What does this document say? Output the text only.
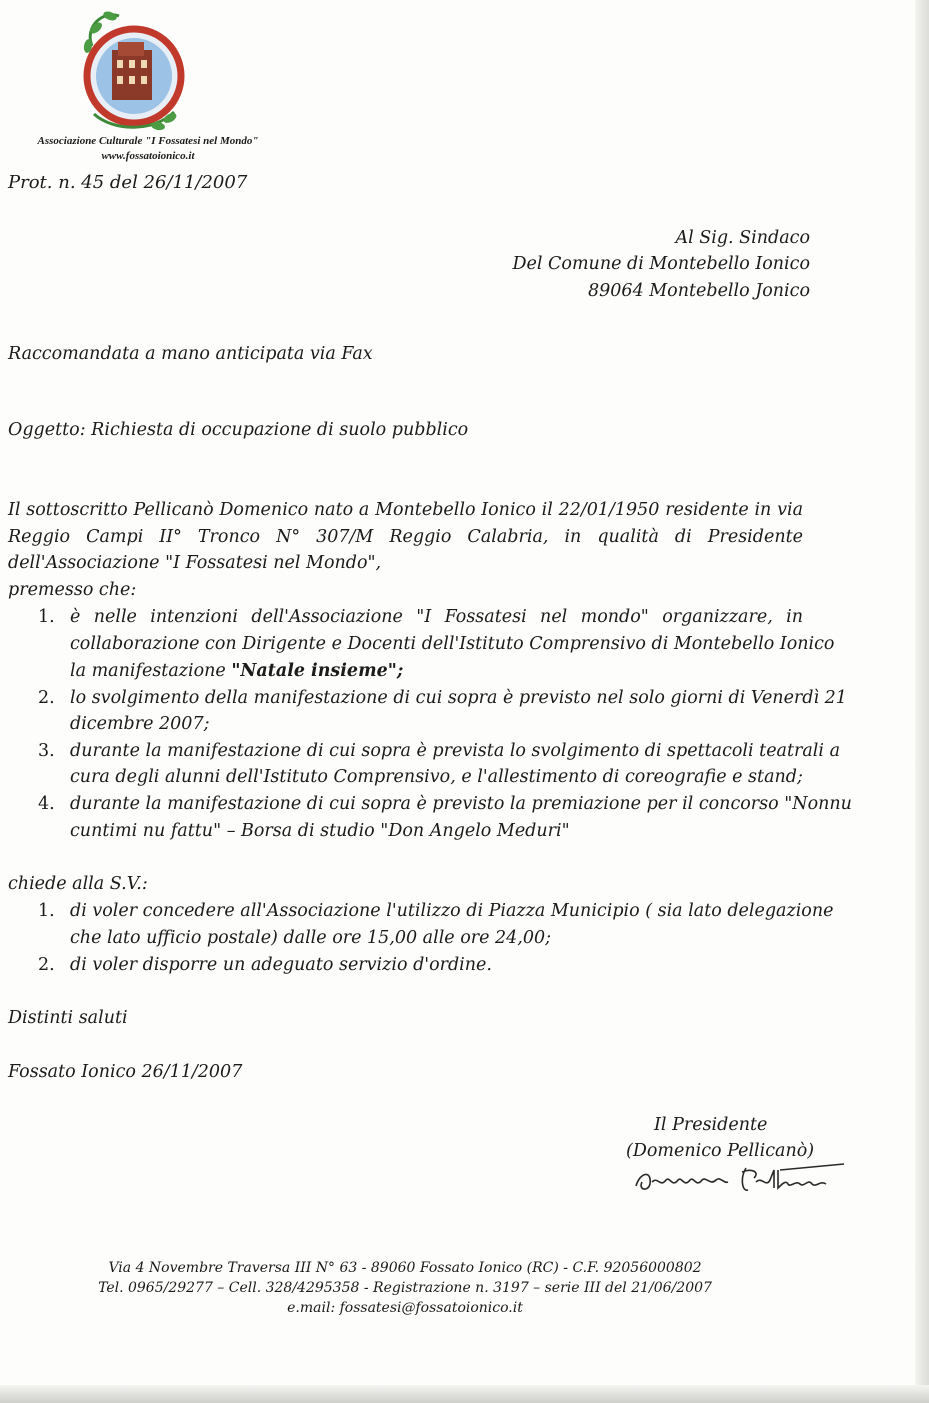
Associazione Culturale "I Fossatesi nel Mondo"
www.fossatoionico.it
Prot. n. 45 del 26/11/2007
Al Sig. Sindaco
Del Comune di Montebello Ionico
89064 Montebello Jonico
Raccomandata a mano anticipata via Fax
Oggetto: Richiesta di occupazione di suolo pubblico
Il sottoscritto Pellicanò Domenico nato a Montebello Ionico il 22/01/1950 residente in via
Reggio Campi II° Tronco N° 307/M Reggio Calabria, in qualità di Presidente
dell'Associazione "I Fossatesi nel Mondo",
premesso che:
1. è nelle intenzioni dell'Associazione "I Fossatesi nel mondo" organizzare, in
collaborazione con Dirigente e Docenti dell'Istituto Comprensivo di Montebello Ionico
la manifestazione "Natale insieme";
2. lo svolgimento della manifestazione di cui sopra è previsto nel solo giorni di Venerdì 21
dicembre 2007;
3. durante la manifestazione di cui sopra è prevista lo svolgimento di spettacoli teatrali a
cura degli alunni dell'Istituto Comprensivo, e l'allestimento di coreografie e stand;
4. durante la manifestazione di cui sopra è previsto la premiazione per il concorso "Nonnu
cuntimi nu fattu" – Borsa di studio "Don Angelo Meduri"
chiede alla S.V.:
1. di voler concedere all'Associazione l'utilizzo di Piazza Municipio ( sia lato delegazione
che lato ufficio postale) dalle ore 15,00 alle ore 24,00;
2. di voler disporre un adeguato servizio d'ordine.
Distinti saluti
Fossato Ionico 26/11/2007
Il Presidente
(Domenico Pellicanò)
Via 4 Novembre Traversa III N° 63 - 89060 Fossato Ionico (RC) - C.F. 92056000802
Tel. 0965/29277 – Cell. 328/4295358 - Registrazione n. 3197 – serie III del 21/06/2007
e.mail: fossatesi@fossatoionico.it
